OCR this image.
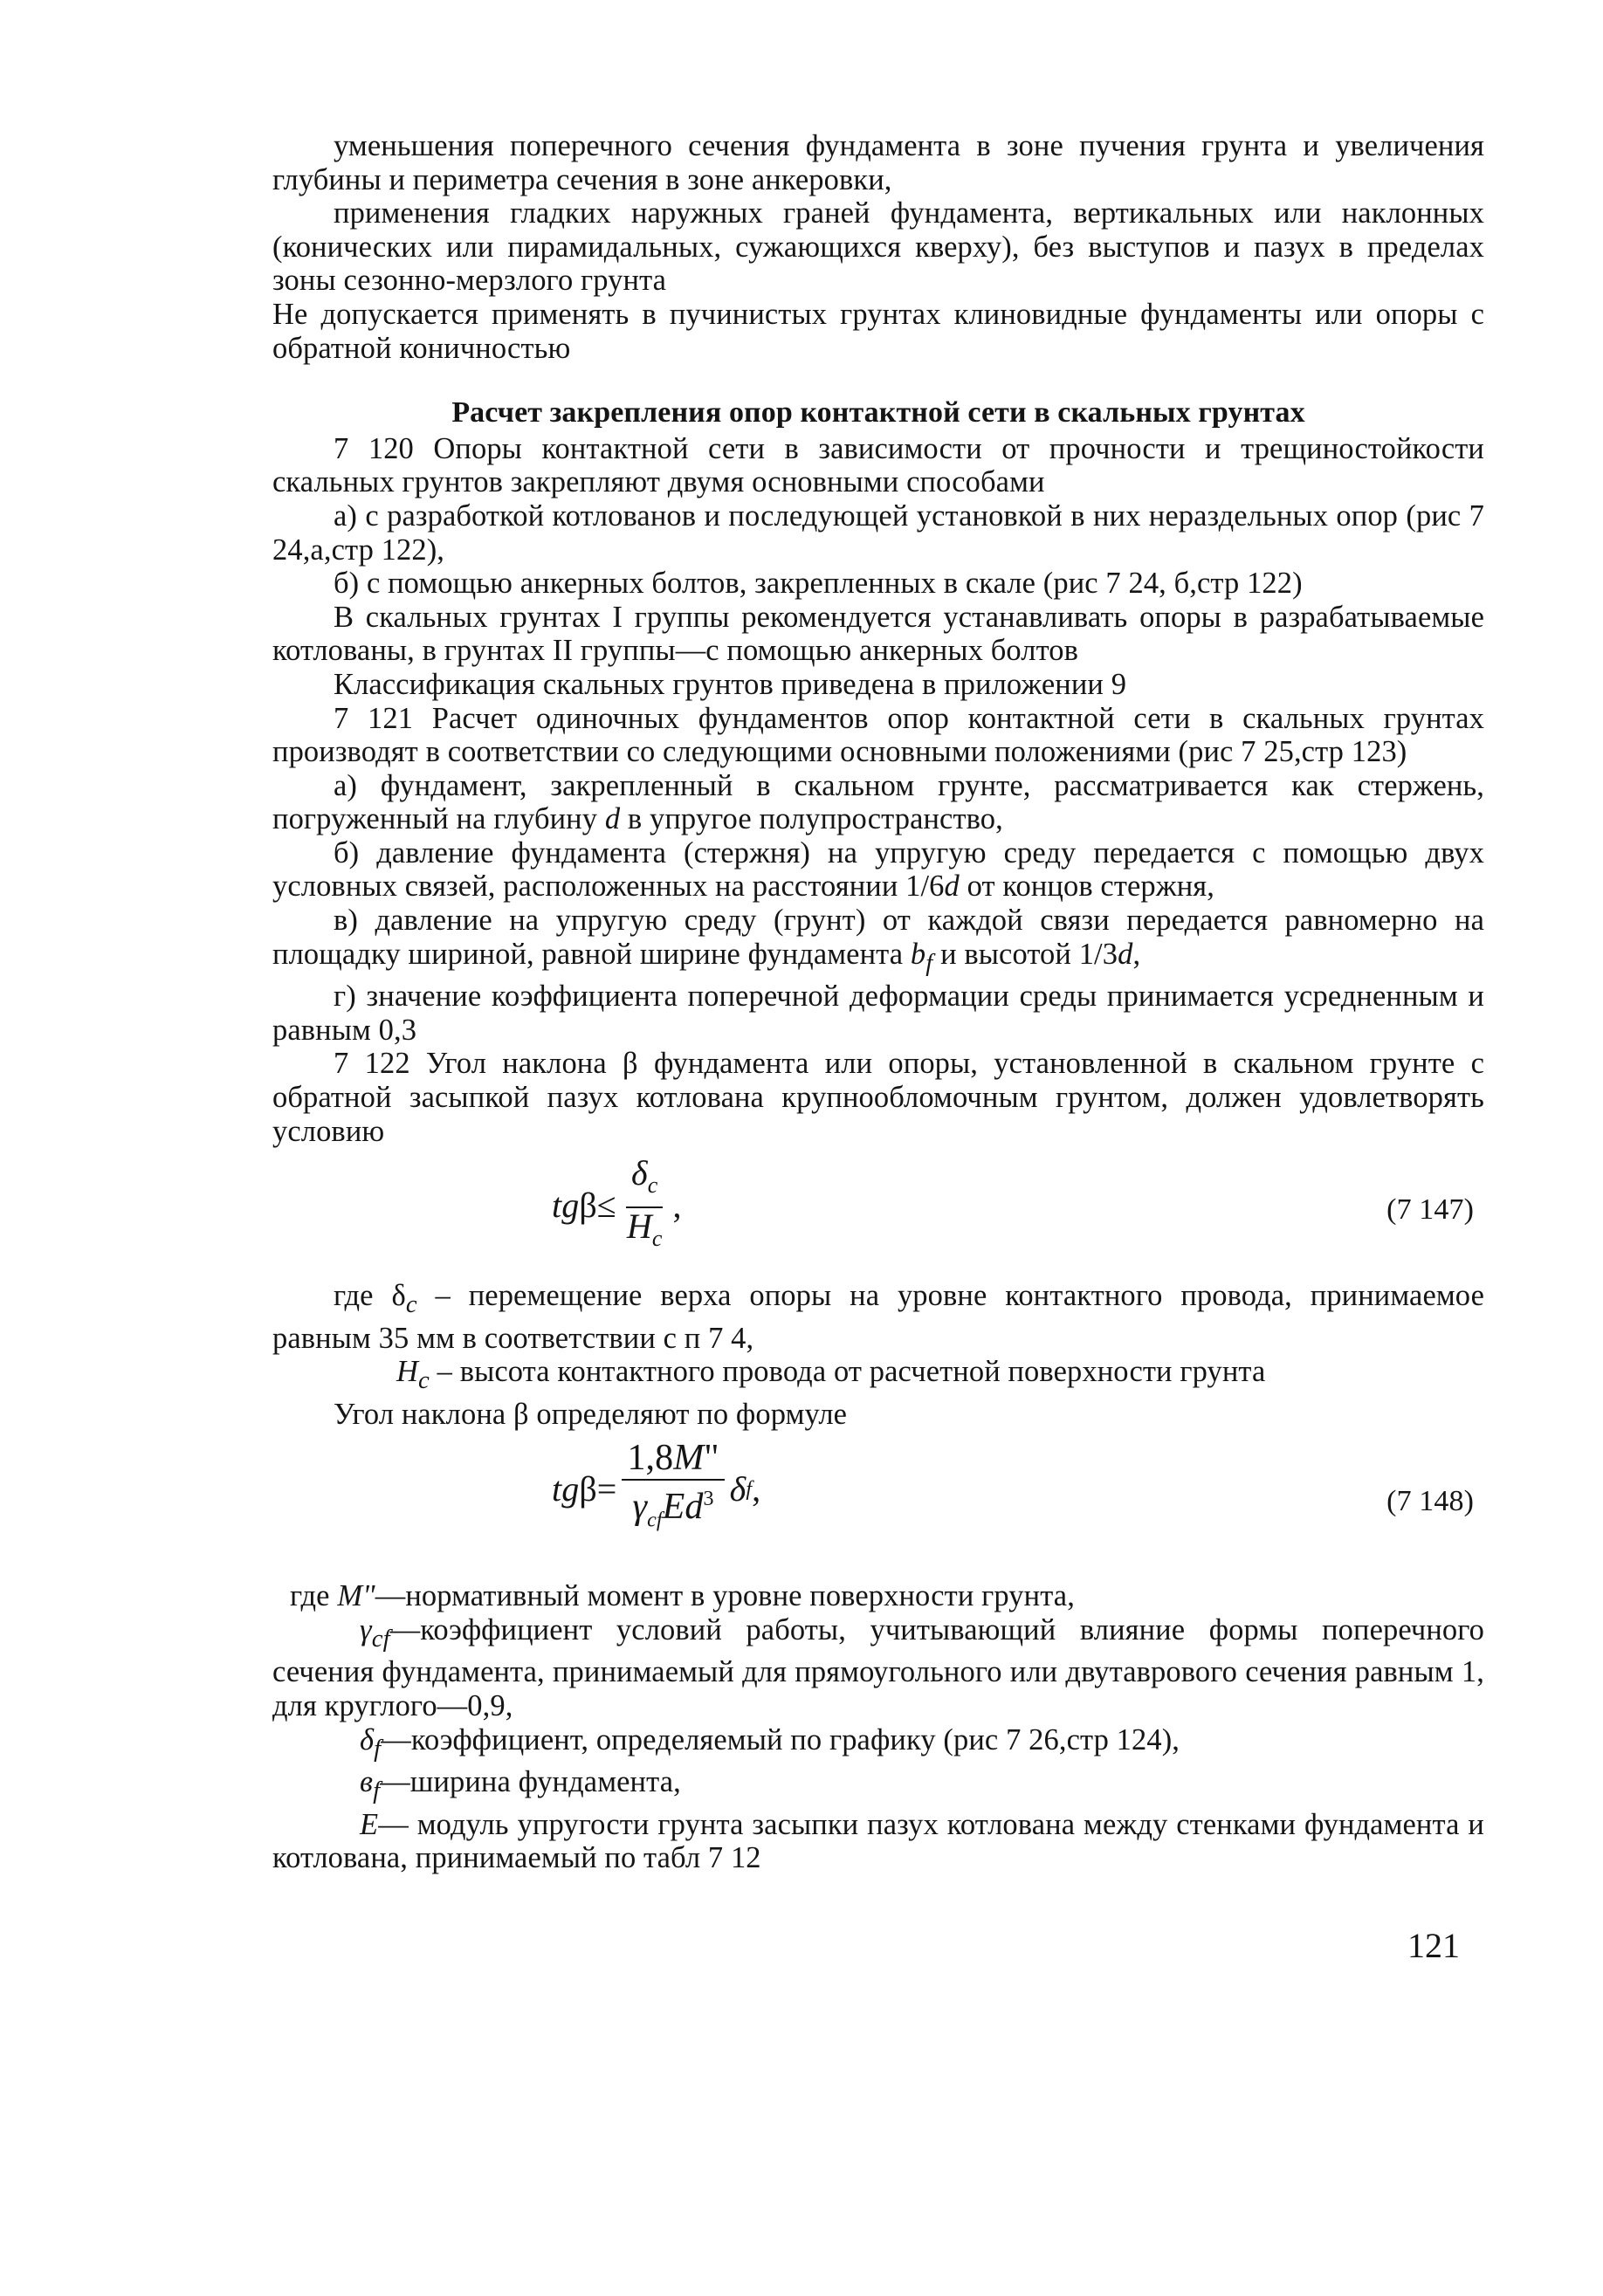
уменьшения поперечного сечения фундамента в зоне пучения грунта и увеличения глубины и периметра сечения в зоне анкеровки,

применения гладких наружных граней фундамента, вертикальных или наклонных (конических или пирамидальных, сужающихся кверху), без выступов и пазух в пределах зоны сезонно-мерзлого грунта

Не допускается применять в пучинистых грунтах клиновидные фундаменты или опоры с обратной коничностью

Расчет закрепления опор контактной сети в скальных грунтах

7 120 Опоры контактной сети в зависимости от прочности и трещиностойкости скальных грунтов закрепляют двумя основными способами

а) с разработкой котлованов и последующей установкой в них нераздельных опор (рис 7 24,а,стр 122),

б) с помощью анкерных болтов, закрепленных в скале (рис 7 24, б,стр 122)

В скальных грунтах I группы рекомендуется устанавливать опоры в разрабатываемые котлованы, в грунтах II группы—с помощью анкерных болтов

Классификация скальных грунтов приведена в приложении 9

7 121 Расчет одиночных фундаментов опор контактной сети в скальных грунтах производят в соответствии со следующими основными положениями (рис 7 25,стр 123)

а) фундамент, закрепленный в скальном грунте, рассматривается как стержень, погруженный на глубину d в упругое полупространство,

б) давление фундамента (стержня) на упругую среду передается с помощью двух условных связей, расположенных на расстоянии 1/6d от концов стержня,

в) давление на упругую среду (грунт) от каждой связи передается равномерно на площадку шириной, равной ширине фундамента $b_f$ и высотой 1/3d,

г) значение коэффициента поперечной деформации среды принимается усредненным и равным 0,3

7 122 Угол наклона β фундамента или опоры, установленной в скальном грунте с обратной засыпкой пазух котлована крупнообломочным грунтом, должен удовлетворять условию

tg $\beta\le \frac{\delta_c}{H_c}$ ,	(7 147)

где $\delta_c$ – перемещение верха опоры на уровне контактного провода, принимаемое равным 35 мм в соответствии с п 7 4,

$H_c$ – высота контактного провода от расчетной поверхности грунта

Угол наклона β определяют по формуле

tg $\beta= \frac{1,8M"}{\gamma_{cf}Ed^3}$ δ f ,	(7 148)

где M"—нормативный момент в уровне поверхности грунта,

$\gamma_{cf}—коэффициент$ условий работы, учитывающий влияние формы поперечного сечения фундамента, принимаемый для прямоугольного или двутаврового сечения равным 1, для круглого—0,9,

$\delta_f—коэффициент$, определяемый по графику (рис 7 26,стр 124),

$в_f—ширина$ фундамента,

E— модуль упругости грунта засыпки пазух котлована между стенками фундамента и котлована, принимаемый по табл 7 12

121
